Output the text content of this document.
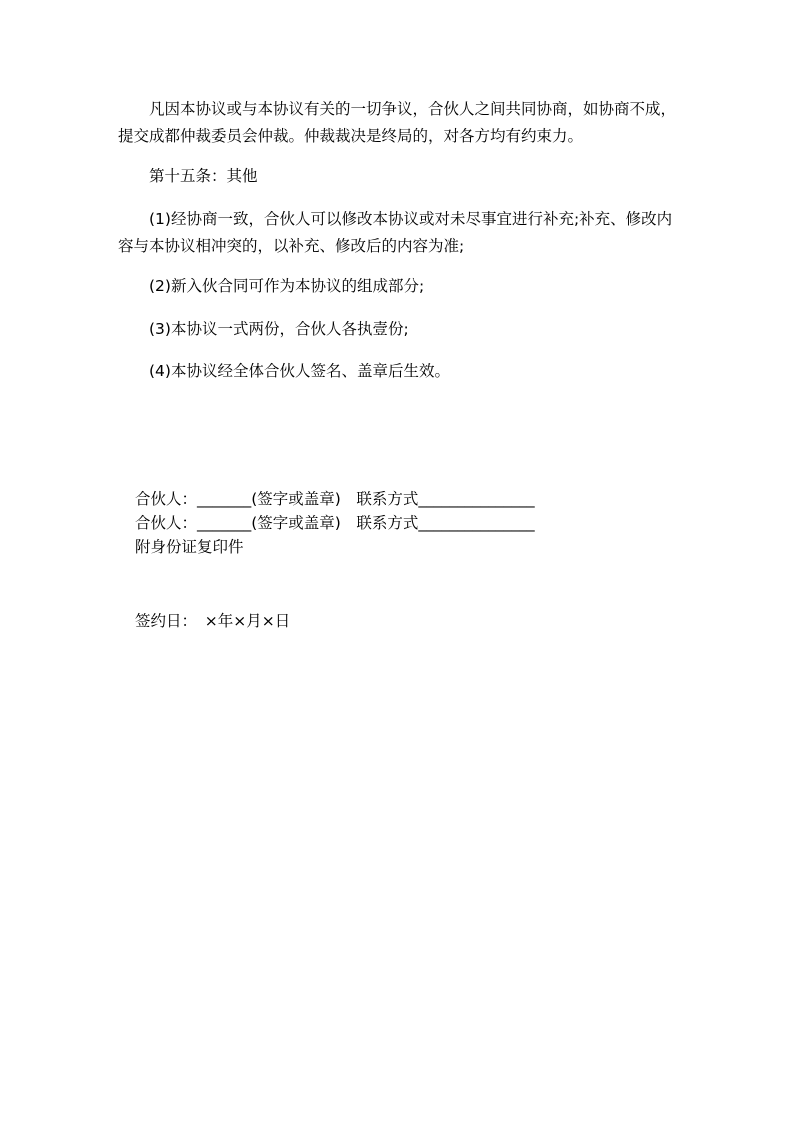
凡因本协议或与本协议有关的一切争议，合伙人之间共同协商，如协商不成，提交成都仲裁委员会仲裁。仲裁裁决是终局的，对各方均有约束力。

第十五条：其他

(1)经协商一致，合伙人可以修改本协议或对未尽事宜进行补充;补充、修改内容与本协议相冲突的，以补充、修改后的内容为准;

(2)新入伙合同可作为本协议的组成部分;

(3)本协议一式两份，合伙人各执壹份;

(4)本协议经全体合伙人签名、盖章后生效。

合伙人：_______(签字或盖章)　联系方式_______________

合伙人：_______(签字或盖章)　联系方式_______________

附身份证复印件

签约日：　×年×月×日
